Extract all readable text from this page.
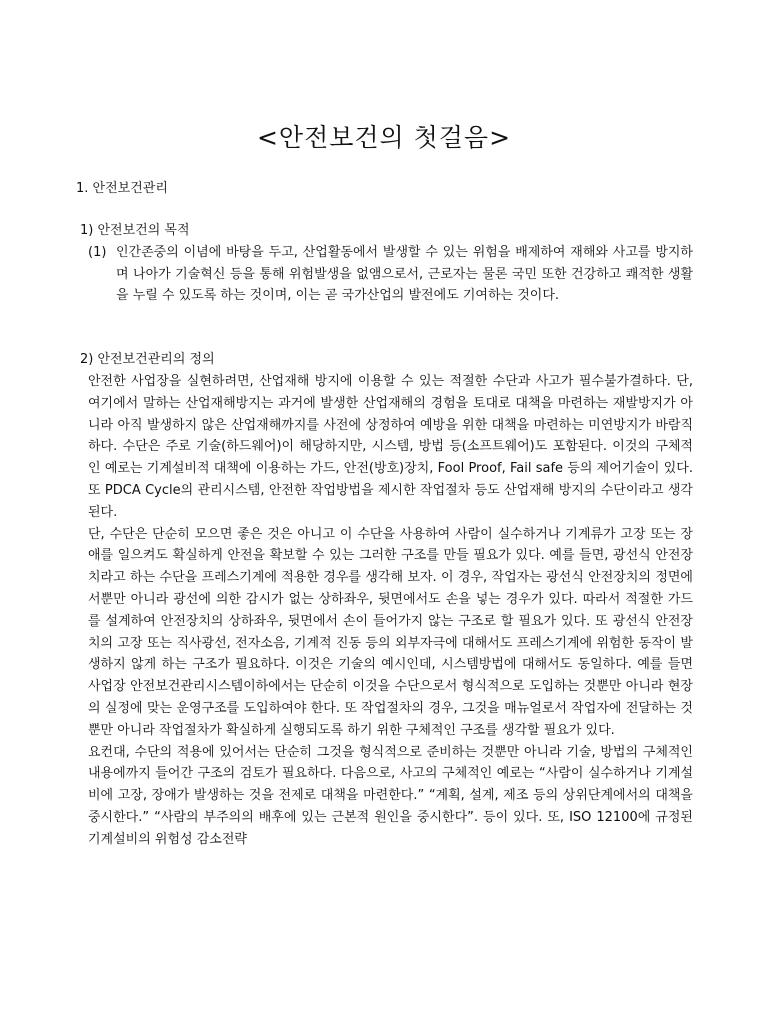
<안전보건의 첫걸음>
1. 안전보건관리
1) 안전보건의 목적
(1) 인간존중의 이념에 바탕을 두고, 산업활동에서 발생할 수 있는 위험을 배제하여 재해와 사고를 방지하며 나아가 기술혁신 등을 통해 위험발생을 없앰으로서, 근로자는 물론 국민 또한 건강하고 쾌적한 생활을 누릴 수 있도록 하는 것이며, 이는 곧 국가산업의 발전에도 기여하는 것이다.
2) 안전보건관리의 정의

안전한 사업장을 실현하려면, 산업재해 방지에 이용할 수 있는 적절한 수단과 사고가 필수불가결하다. 단, 여기에서 말하는 산업재해방지는 과거에 발생한 산업재해의 경험을 토대로 대책을 마련하는 재발방지가 아니라 아직 발생하지 않은 산업재해까지를 사전에 상정하여 예방을 위한 대책을 마련하는 미연방지가 바람직하다. 수단은 주로 기술(하드웨어)이 해당하지만, 시스템, 방법 등(소프트웨어)도 포함된다. 이것의 구체적인 예로는 기계설비적 대책에 이용하는 가드, 안전(방호)장치, Fool Proof, Fail safe 등의 제어기술이 있다. 또 PDCA Cycle의 관리시스템, 안전한 작업방법을 제시한 작업절차 등도 산업재해 방지의 수단이라고 생각된다.

단, 수단은 단순히 모으면 좋은 것은 아니고 이 수단을 사용하여 사람이 실수하거나 기계류가 고장 또는 장애를 일으켜도 확실하게 안전을 확보할 수 있는 그러한 구조를 만들 필요가 있다. 예를 들면, 광선식 안전장치라고 하는 수단을 프레스기계에 적용한 경우를 생각해 보자. 이 경우, 작업자는 광선식 안전장치의 정면에서뿐만 아니라 광선에 의한 감시가 없는 상하좌우, 뒷면에서도 손을 넣는 경우가 있다. 따라서 적절한 가드를 설계하여 안전장치의 상하좌우, 뒷면에서 손이 들어가지 않는 구조로 할 필요가 있다. 또 광선식 안전장치의 고장 또는 직사광선, 전자소음, 기계적 진동 등의 외부자극에 대해서도 프레스기계에 위험한 동작이 발생하지 않게 하는 구조가 필요하다. 이것은 기술의 예시인데, 시스템방법에 대해서도 동일하다. 예를 들면 사업장 안전보건관리시스템이하에서는 단순히 이것을 수단으로서 형식적으로 도입하는 것뿐만 아니라 현장의 실정에 맞는 운영구조를 도입하여야 한다. 또 작업절차의 경우, 그것을 매뉴얼로서 작업자에 전달하는 것뿐만 아니라 작업절차가 확실하게 실행되도록 하기 위한 구체적인 구조를 생각할 필요가 있다.

요컨대, 수단의 적용에 있어서는 단순히 그것을 형식적으로 준비하는 것뿐만 아니라 기술, 방법의 구체적인 내용에까지 들어간 구조의 검토가 필요하다. 다음으로, 사고의 구체적인 예로는 “사람이 실수하거나 기계설비에 고장, 장애가 발생하는 것을 전제로 대책을 마련한다.” “계획, 설계, 제조 등의 상위단계에서의 대책을 중시한다.” “사람의 부주의의 배후에 있는 근본적 원인을 중시한다”. 등이 있다. 또, ISO 12100에 규정된 기계설비의 위험성 감소전략
